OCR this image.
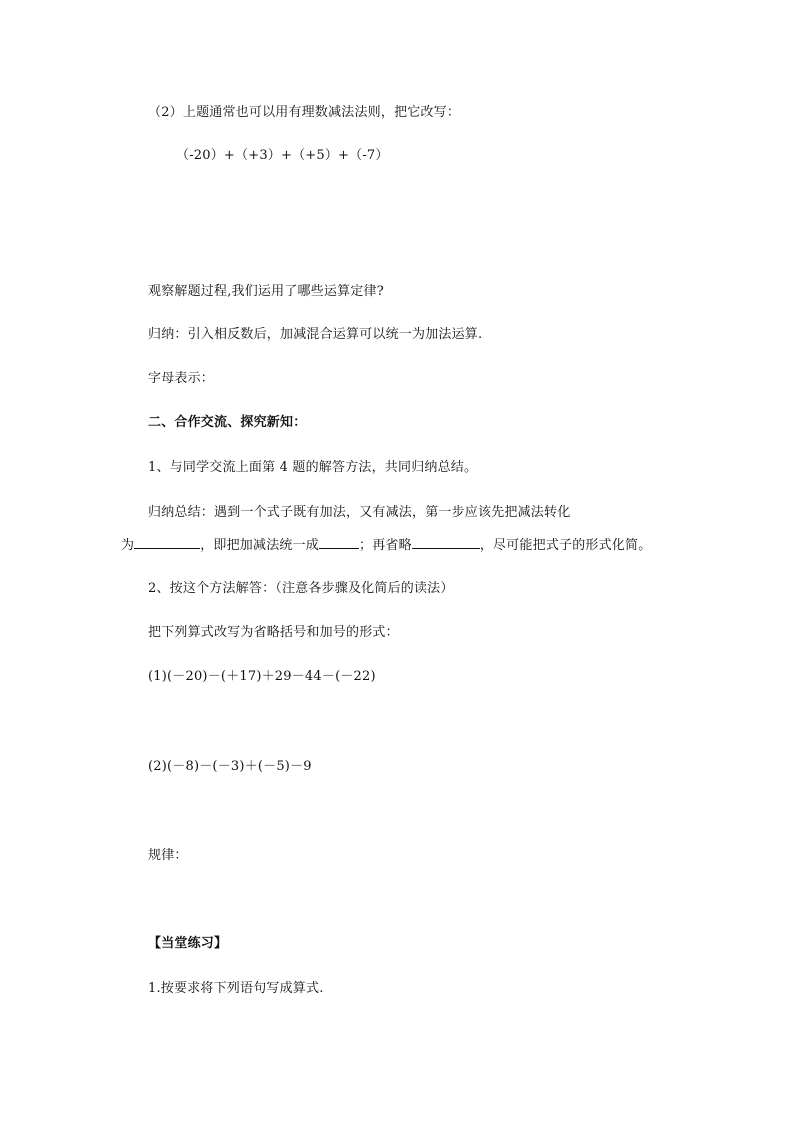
（2）上题通常也可以用有理数减法法则，把它改写：
（-20）+（+3）+（+5）+（-7）
观察解题过程,我们运用了哪些运算定律?
归纳：引入相反数后，加减混合运算可以统一为加法运算.
字母表示：
二、合作交流、探究新知：
1、与同学交流上面第 4 题的解答方法，共同归纳总结。
归纳总结：遇到一个式子既有加法，又有减法，第一步应该先把减法转化
为	，即把加减法统一成	；再省略	，尽可能把式子的形式化简。
2、按这个方法解答：（注意各步骤及化简后的读法）
把下列算式改写为省略括号和加号的形式：
(1)(－20)－(＋17)＋29－44－(－22)
(2)(－8)－(－3)＋(－5)－9
规律：
【当堂练习】
1.按要求将下列语句写成算式.
